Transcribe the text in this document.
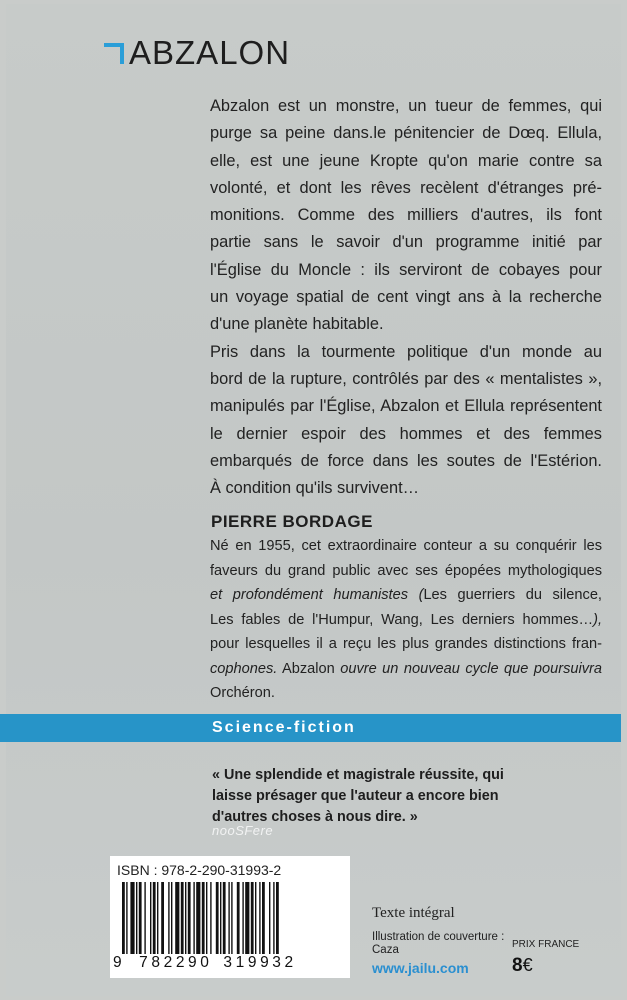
ABZALON
Abzalon est un monstre, un tueur de femmes, qui
purge sa peine dans.le pénitencier de Dœq. Ellula,
elle, est une jeune Kropte qu'on marie contre sa
volonté, et dont les rêves recèlent d'étranges pré-
monitions. Comme des milliers d'autres, ils font
partie sans le savoir d'un programme initié par
l'Église du Moncle : ils serviront de cobayes pour
un voyage spatial de cent vingt ans à la recherche
d'une planète habitable.
Pris dans la tourmente politique d'un monde au
bord de la rupture, contrôlés par des « mentalistes »,
manipulés par l'Église, Abzalon et Ellula représentent
le dernier espoir des hommes et des femmes
embarqués de force dans les soutes de l'Estérion.
À condition qu'ils survivent…
PIERRE BORDAGE
Né en 1955, cet extraordinaire conteur a su conquérir les
faveurs du grand public avec ses épopées mythologiques
et profondément humanistes (Les guerriers du silence,
Les fables de l'Humpur, Wang, Les derniers hommes…),
pour lesquelles il a reçu les plus grandes distinctions fran-
cophones. Abzalon ouvre un nouveau cycle que poursuivra
Orchéron.
Science-fiction
« Une splendide et magistrale réussite, qui
laisse présager que l'auteur a encore bien
d'autres choses à nous dire. »
nooSFere
ISBN : 978-2-290-31993-2
9 782290 319932
Texte intégral
Illustration de couverture :
Caza
www.jailu.com
PRIX FRANCE
8€
